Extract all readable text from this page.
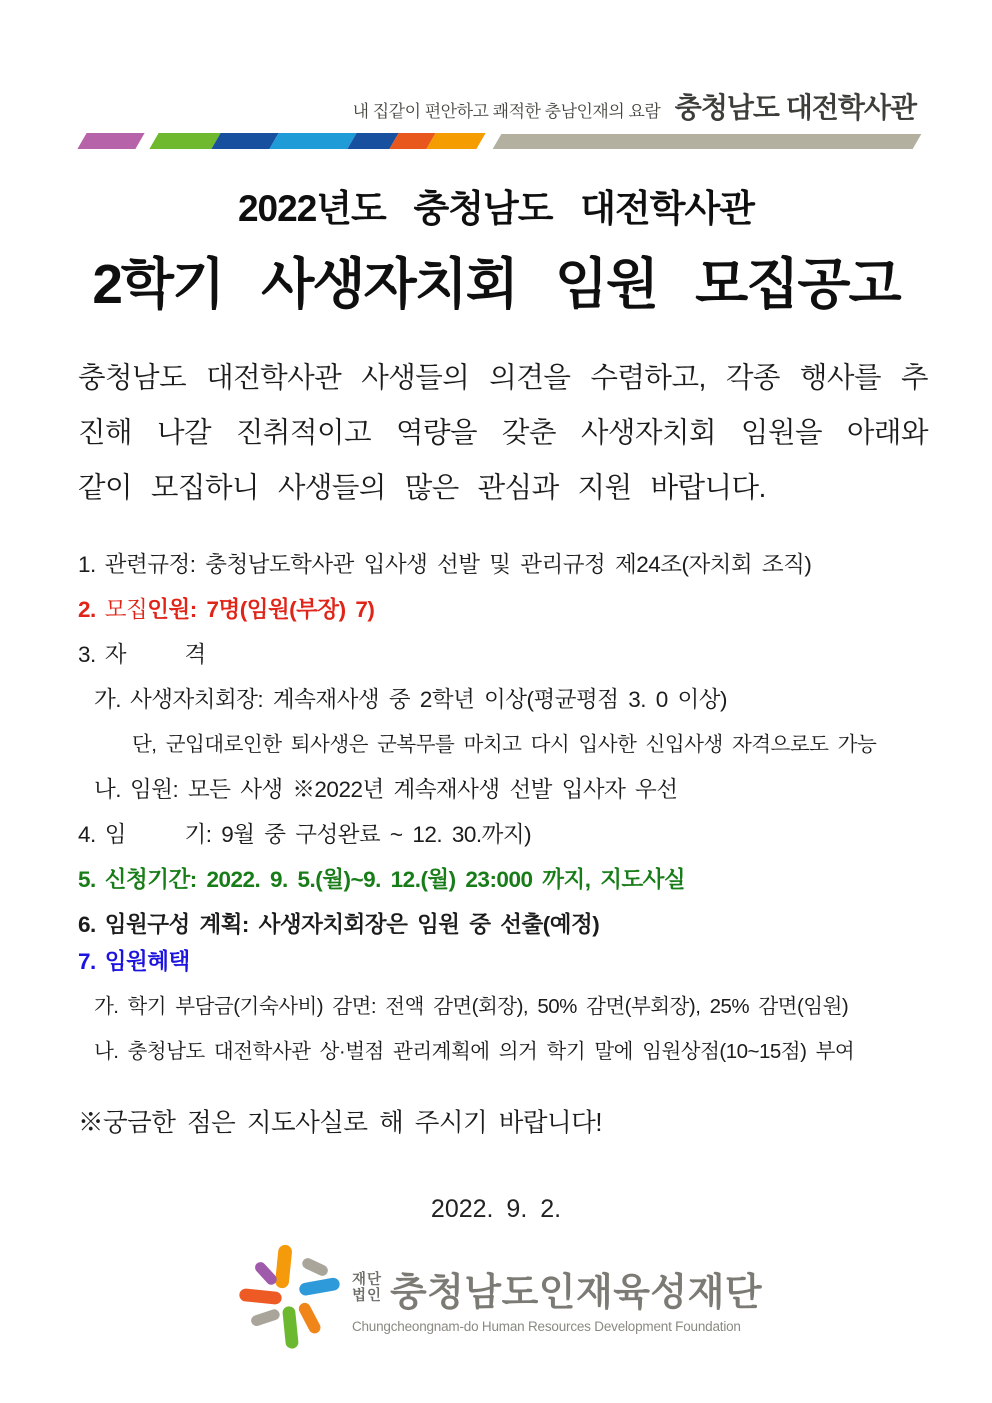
내 집같이 편안하고 쾌적한 충남인재의 요람 충청남도 대전학사관
2022년도 충청남도 대전학사관
2학기 사생자치회 임원 모집공고
충청남도 대전학사관 사생들의 의견을 수렴하고, 각종 행사를 추진해 나갈 진취적이고 역량을 갖춘 사생자치회 임원을 아래와 같이 모집하니 사생들의 많은 관심과 지원 바랍니다.
1. 관련규정: 충청남도학사관 입사생 선발 및 관리규정 제24조(자치회 조직)
2. 모집인원: 7명(임원(부장) 7)
3. 자      격
가. 사생자치회장: 계속재사생 중 2학년 이상(평균평점 3. 0 이상)
단, 군입대로인한 퇴사생은 군복무를 마치고 다시 입사한 신입사생 자격으로도 가능
나. 임원: 모든 사생 ※2022년 계속재사생 선발 입사자 우선
4. 임      기: 9월 중 구성완료 ~ 12. 30.까지)
5. 신청기간: 2022. 9. 5.(월)~9. 12.(월) 23:000 까지, 지도사실
6. 임원구성 계획: 사생자치회장은 임원 중 선출(예정)
7. 임원혜택
가. 학기 부담금(기숙사비) 감면: 전액 감면(회장), 50% 감면(부회장), 25% 감면(임원)
나. 충청남도 대전학사관 상·벌점 관리계획에 의거 학기 말에 임원상점(10~15점) 부여
※궁금한 점은 지도사실로 해 주시기 바랍니다!
2022. 9. 2.
재단
법인 충청남도인재육성재단
Chungcheongnam-do Human Resources Development Foundation
